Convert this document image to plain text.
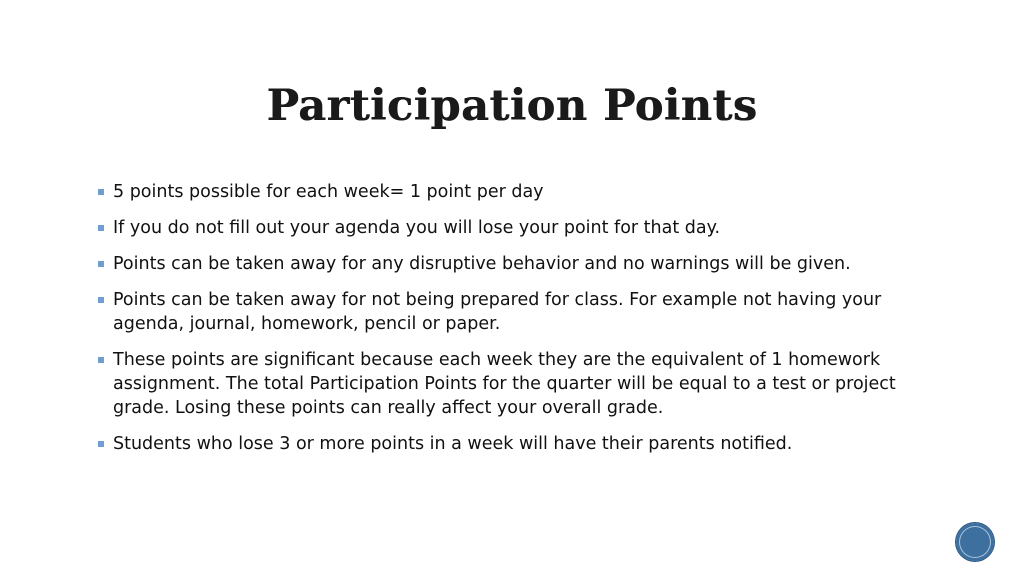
Participation Points
5 points possible for each week= 1 point per day
If you do not fill out your agenda you will lose your point for that day.
Points can be taken away for any disruptive behavior and no warnings will be given.
Points can be taken away for not being prepared for class. For example not having your agenda, journal, homework, pencil or paper.
These points are significant because each week they are the equivalent of 1 homework assignment. The total Participation Points for the quarter will be equal to a test or project grade. Losing these points can really affect your overall grade.
Students who lose 3 or more points in a week will have their parents notified.
